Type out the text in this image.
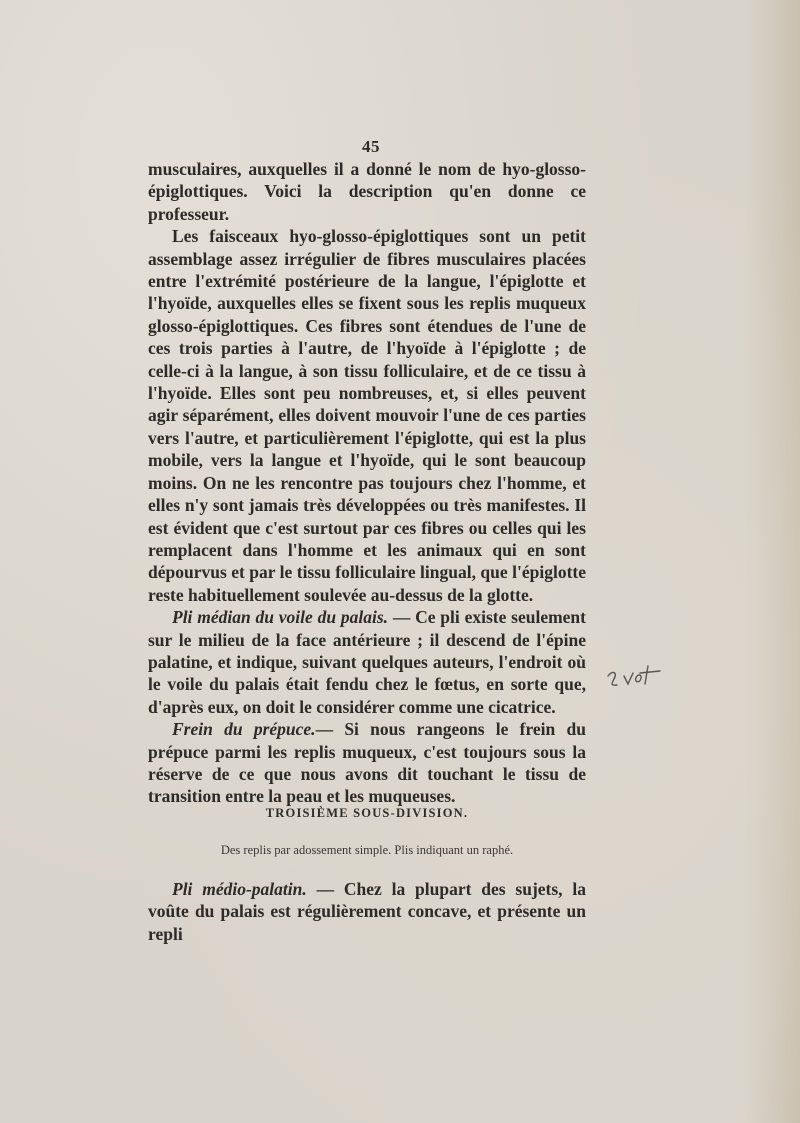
45

musculaires, auxquelles il a donné le nom de hyo-glosso-épiglottiques. Voici la description qu'en donne ce professeur.

Les faisceaux hyo-glosso-épiglottiques sont un petit assemblage assez irrégulier de fibres musculaires placées entre l'extrémité postérieure de la langue, l'épiglotte et l'hyoïde, auxquelles elles se fixent sous les replis muqueux glosso-épiglottiques. Ces fibres sont étendues de l'une de ces trois parties à l'autre, de l'hyoïde à l'épiglotte ; de celle-ci à la langue, à son tissu folliculaire, et de ce tissu à l'hyoïde. Elles sont peu nombreuses, et, si elles peuvent agir séparément, elles doivent mouvoir l'une de ces parties vers l'autre, et particulièrement l'épiglotte, qui est la plus mobile, vers la langue et l'hyoïde, qui le sont beaucoup moins. On ne les rencontre pas toujours chez l'homme, et elles n'y sont jamais très développées ou très manifestes. Il est évident que c'est surtout par ces fibres ou celles qui les remplacent dans l'homme et les animaux qui en sont dépourvus et par le tissu folliculaire lingual, que l'épiglotte reste habituellement soulevée au-dessus de la glotte.

Pli médian du voile du palais. — Ce pli existe seulement sur le milieu de la face antérieure ; il descend de l'épine palatine, et indique, suivant quelques auteurs, l'endroit où le voile du palais était fendu chez le fœtus, en sorte que, d'après eux, on doit le considérer comme une cicatrice.

Frein du prépuce.— Si nous rangeons le frein du prépuce parmi les replis muqueux, c'est toujours sous la réserve de ce que nous avons dit touchant le tissu de transition entre la peau et les muqueuses.

TROISIÈME SOUS-DIVISION.
Des replis par adossement simple. Plis indiquant un raphé.

Pli médio-palatin. — Chez la plupart des sujets, la voûte du palais est régulièrement concave, et présente un repli
